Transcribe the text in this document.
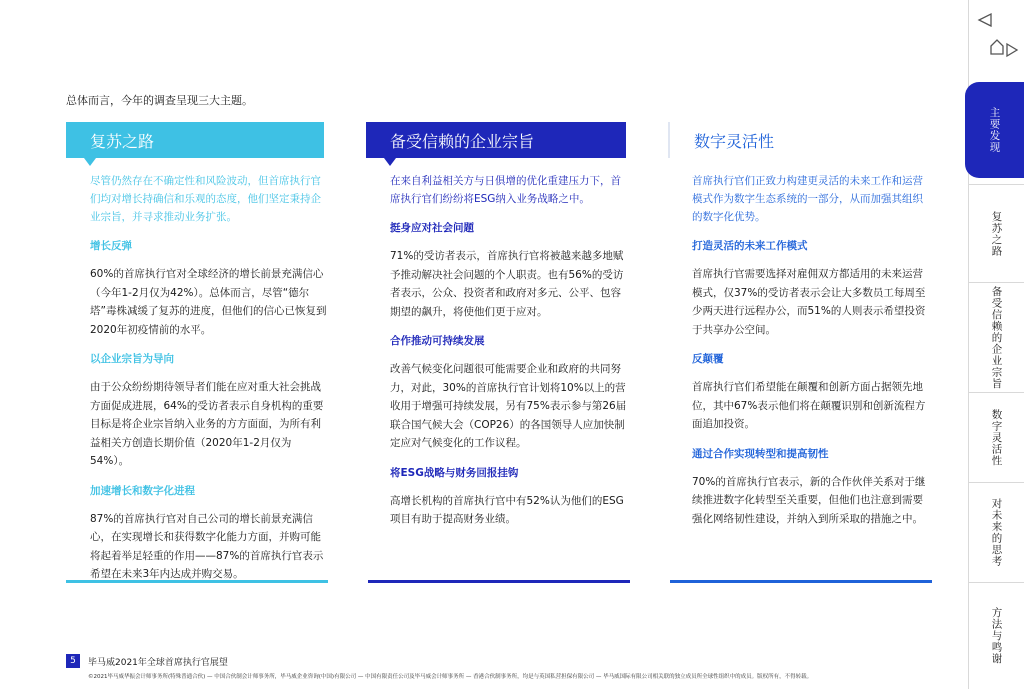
总体而言，今年的调查呈现三大主题。
复苏之路
尽管仍然存在不确定性和风险波动，但首席执行官们均对增长持确信和乐观的态度，他们坚定秉持企业宗旨，并寻求推动业务扩张。
增长反弹
60%的首席执行官对全球经济的增长前景充满信心（今年1-2月仅为42%）。总体而言，尽管“德尔塔”毒株减缓了复苏的进度，但他们的信心已恢复到2020年初疫情前的水平。
以企业宗旨为导向
由于公众纷纷期待领导者们能在应对重大社会挑战方面促成进展，64%的受访者表示自身机构的重要目标是将企业宗旨纳入业务的方方面面，为所有利益相关方创造长期价值（2020年1-2月仅为54%）。
加速增长和数字化进程
87%的首席执行官对自己公司的增长前景充满信心，在实现增长和获得数字化能力方面，并购可能将起着举足轻重的作用——87%的首席执行官表示希望在未来3年内达成并购交易。
备受信赖的企业宗旨
在来自利益相关方与日俱增的优化重建压力下，首席执行官们纷纷将ESG纳入业务战略之中。
挺身应对社会问题
71%的受访者表示，首席执行官将被越来越多地赋予推动解决社会问题的个人职责。也有56%的受访者表示，公众、投资者和政府对多元、公平、包容期望的飙升，将使他们更于应对。
合作推动可持续发展
改善气候变化问题很可能需要企业和政府的共同努力，对此，30%的首席执行官计划将10%以上的营收用于增强可持续发展，另有75%表示参与第26届联合国气候大会（COP26）的各国领导人应加快制定应对气候变化的工作议程。
将ESG战略与财务回报挂钩
高增长机构的首席执行官中有52%认为他们的ESG项目有助于提高财务业绩。
数字灵活性
首席执行官们正致力构建更灵活的未来工作和运营模式作为数字生态系统的一部分，从而加强其组织的数字化优势。
打造灵活的未来工作模式
首席执行官需要选择对雇佣双方都适用的未来运营模式，仅37%的受访者表示会让大多数员工每周至少两天进行远程办公，而51%的人则表示希望投资于共享办公空间。
反颠覆
首席执行官们希望能在颠覆和创新方面占据领先地位，其中67%表示他们将在颠覆识别和创新流程方面追加投资。
通过合作实现转型和提高韧性
70%的首席执行官表示，新的合作伙伴关系对于继续推进数字化转型至关重要，但他们也注意到需要强化网络韧性建设，并纳入到所采取的措施之中。
5	毕马威2021年全球首席执行官展望
©2021毕马威华振会计师事务所(特殊普通合伙) — 中国合伙制会计师事务所，毕马威企业咨询(中国)有限公司 — 中国有限责任公司及毕马威会计师事务所 — 香港合伙制事务所，均是与英国私营担保有限公司 — 毕马威国际有限公司相关联的独立成员所全球性组织中的成员。版权所有，不得转载。
主要发现
复苏之路
备受信赖的企业宗旨
数字灵活性
对未来的思考
方法与鸣谢
